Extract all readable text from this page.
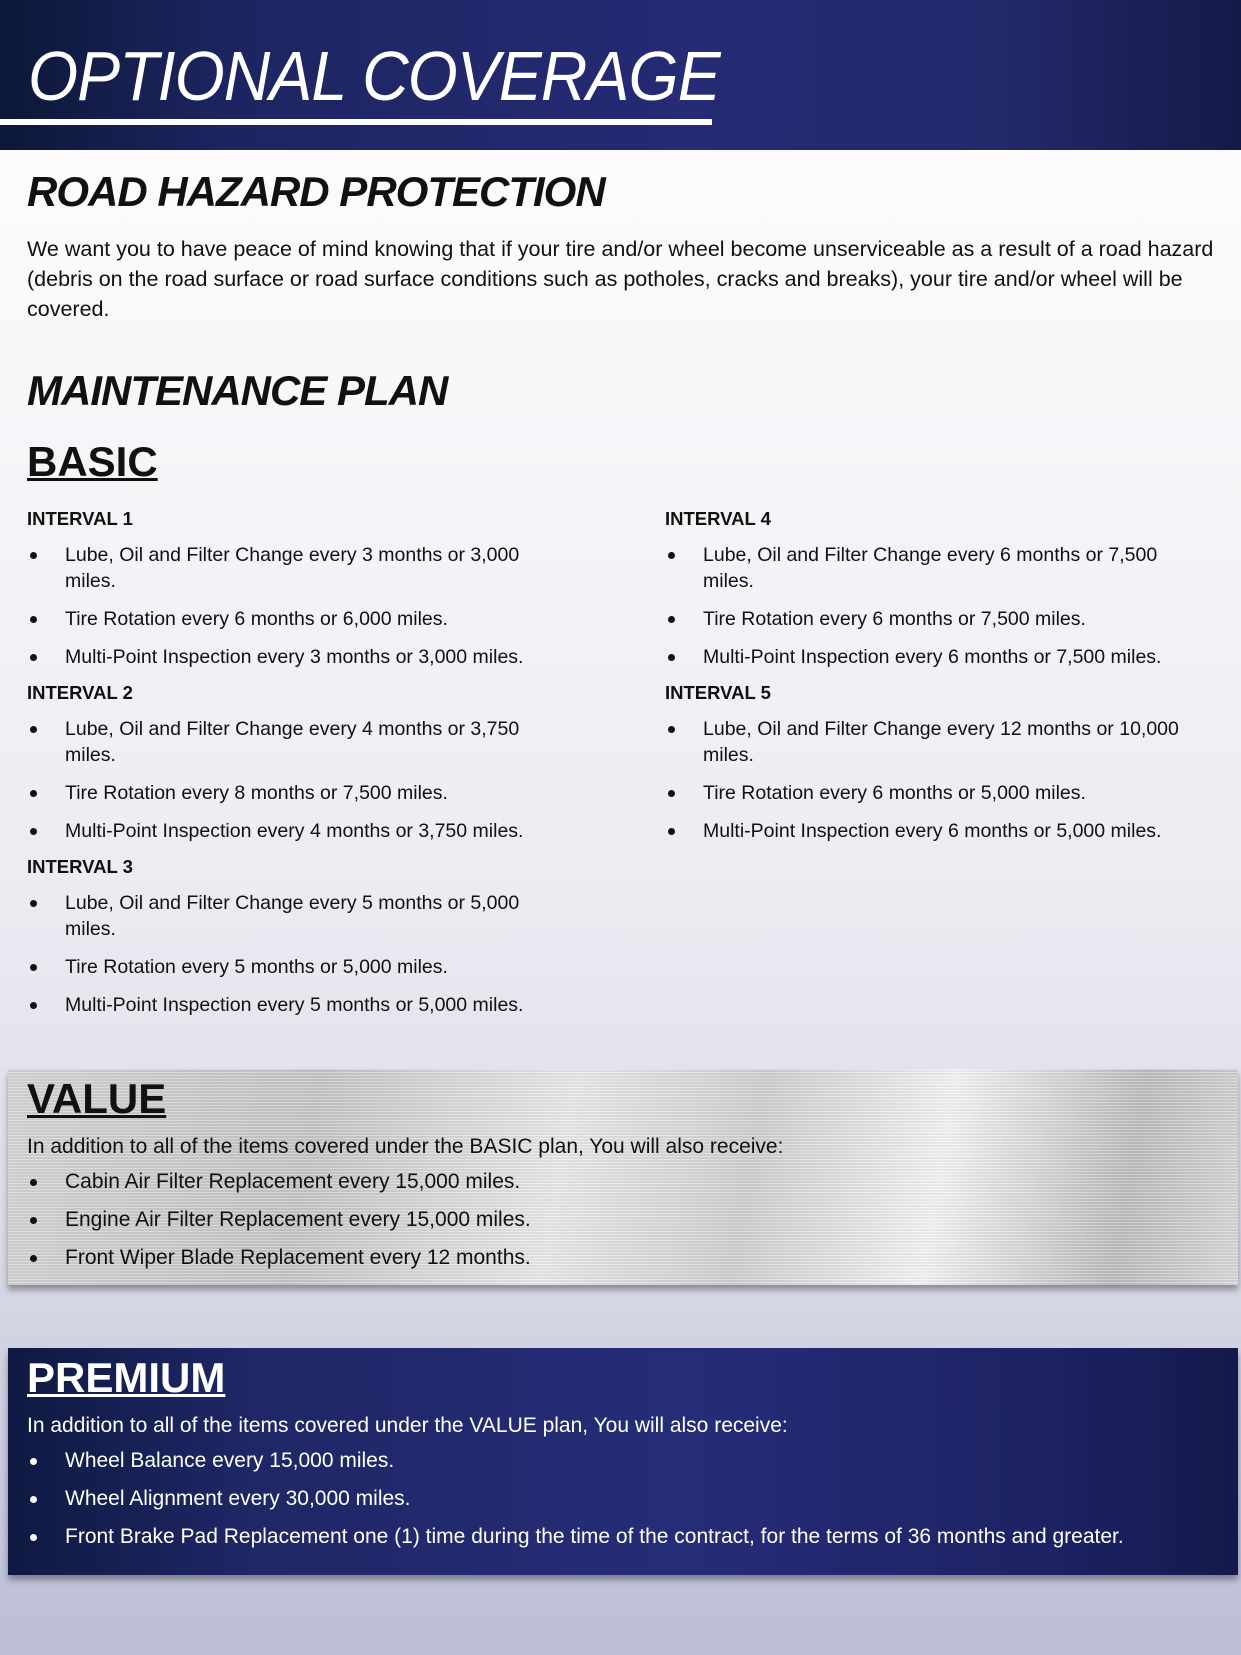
OPTIONAL COVERAGE
ROAD HAZARD PROTECTION

We want you to have peace of mind knowing that if your tire and/or wheel become unserviceable as a result of a road hazard (debris on the road surface or road surface conditions such as potholes, cracks and breaks), your tire and/or wheel will be covered.

MAINTENANCE PLAN
BASIC
INTERVAL 1
Lube, Oil and Filter Change every 3 months or 3,000 miles.
Tire Rotation every 6 months or 6,000 miles.
Multi-Point Inspection every 3 months or 3,000 miles.
INTERVAL 2
Lube, Oil and Filter Change every 4 months or 3,750 miles.
Tire Rotation every 8 months or 7,500 miles.
Multi-Point Inspection every 4 months or 3,750 miles.
INTERVAL 3
Lube, Oil and Filter Change every 5 months or 5,000 miles.
Tire Rotation every 5 months or 5,000 miles.
Multi-Point Inspection every 5 months or 5,000 miles.
INTERVAL 4
Lube, Oil and Filter Change every 6 months or 7,500 miles.
Tire Rotation every 6 months or 7,500 miles.
Multi-Point Inspection every 6 months or 7,500 miles.
INTERVAL 5
Lube, Oil and Filter Change every 12 months or 10,000 miles.
Tire Rotation every 6 months or 5,000 miles.
Multi-Point Inspection every 6 months or 5,000 miles.
VALUE

In addition to all of the items covered under the BASIC plan, You will also receive:

Cabin Air Filter Replacement every 15,000 miles.
Engine Air Filter Replacement every 15,000 miles.
Front Wiper Blade Replacement every 12 months.
PREMIUM

In addition to all of the items covered under the VALUE plan, You will also receive:

Wheel Balance every 15,000 miles.
Wheel Alignment every 30,000 miles.
Front Brake Pad Replacement one (1) time during the time of the contract, for the terms of 36 months and greater.
